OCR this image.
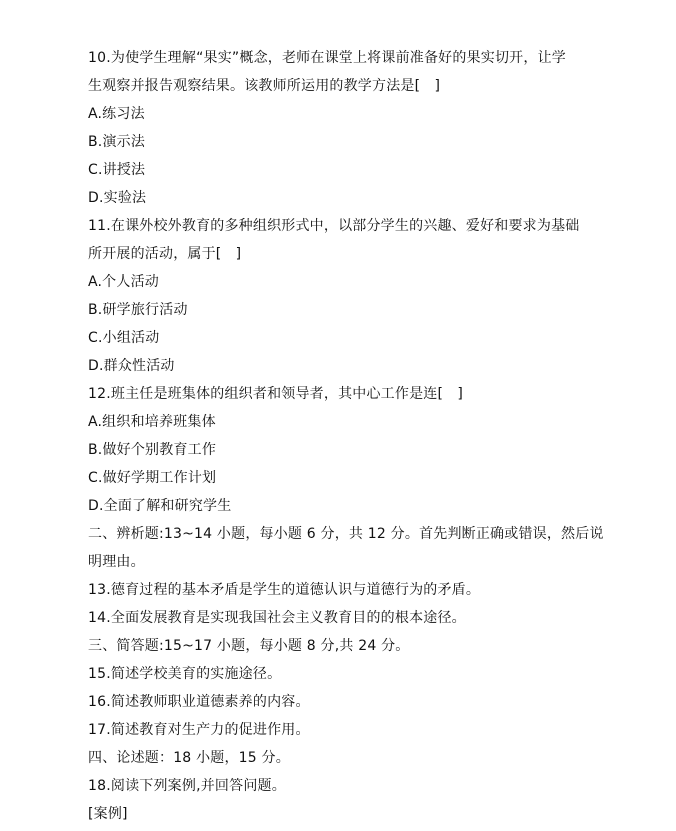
10.为使学生理解“果实”概念，老师在课堂上将课前准备好的果实切开，让学
生观察并报告观察结果。该教师所运用的教学方法是[　]
A.练习法
B.演示法
C.讲授法
D.实验法
11.在课外校外教育的多种组织形式中，以部分学生的兴趣、爱好和要求为基础
所开展的活动，属于[　]
A.个人活动
B.研学旅行活动
C.小组活动
D.群众性活动
12.班主任是班集体的组织者和领导者，其中心工作是连[　]
A.组织和培养班集体
B.做好个别教育工作
C.做好学期工作计划
D.全面了解和研究学生
二、辨析题:13~14 小题，每小题 6 分，共 12 分。首先判断正确或错误，然后说
明理由。
13.德育过程的基本矛盾是学生的道德认识与道德行为的矛盾。
14.全面发展教育是实现我国社会主义教育目的的根本途径。
三、简答题:15~17 小题，每小题 8 分,共 24 分。
15.简述学校美育的实施途径。
16.简述教师职业道德素养的内容。
17.简述教育对生产力的促进作用。
四、论述题：18 小题，15 分。
18.阅读下列案例,并回答问题。
[案例]
